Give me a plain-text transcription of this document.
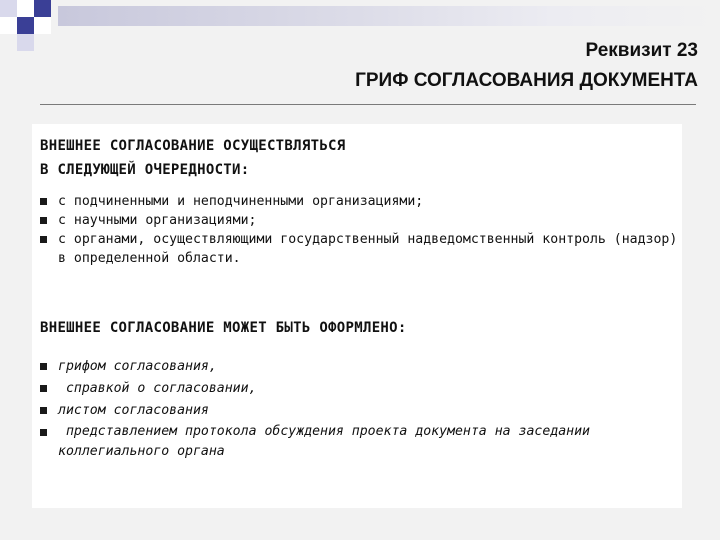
Реквизит 23
ГРИФ СОГЛАСОВАНИЯ ДОКУМЕНТА

ВНЕШНЕЕ СОГЛАСОВАНИЕ ОСУЩЕСТВЛЯТЬСЯ
В СЛЕДУЮЩЕЙ ОЧЕРЕДНОСТИ:

с подчиненными и неподчиненными организациями;
с научными организациями;
с органами, осуществляющими государственный надведомственный контроль (надзор) в определенной области.

ВНЕШНЕЕ СОГЛАСОВАНИЕ МОЖЕТ БЫТЬ ОФОРМЛЕНО:

грифом согласования,
справкой о согласовании,
листом согласования
представлением протокола обсуждения проекта документа на заседании коллегиального органа
